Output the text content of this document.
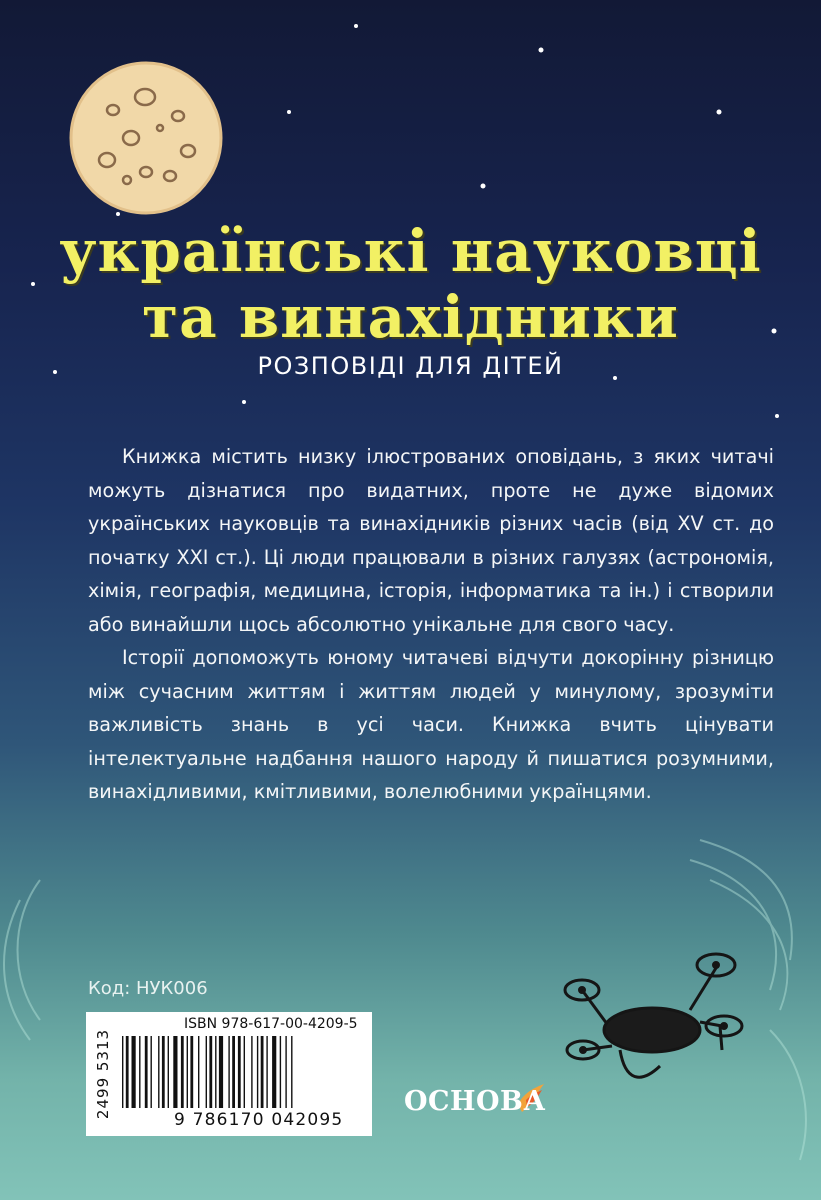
українські науковці
та винахідники
РОЗПОВІДІ ДЛЯ ДІТЕЙ

Книжка містить низку ілюстрованих оповідань, з яких читачі можуть дізнатися про видатних, проте не дуже відомих українських науковців та винахідників різних часів (від XV ст. до початку XXI ст.). Ці люди працювали в різних галузях (астрономія, хімія, географія, медицина, історія, інформатика та ін.) і створили або винайшли щось абсолютно унікальне для свого часу.

Історії допоможуть юному читачеві відчути докорінну різницю між сучасним життям і життям людей у минулому, зрозуміти важливість знань в усі часи. Книжка вчить цінувати інтелектуальне надбання нашого народу й пишатися розумними, винахідливими, кмітливими, волелюбними українцями.

Код: НУК006
2499 5313
ISBN 978-617-00-4209-5
9 786170 042095
ОСНОВА
